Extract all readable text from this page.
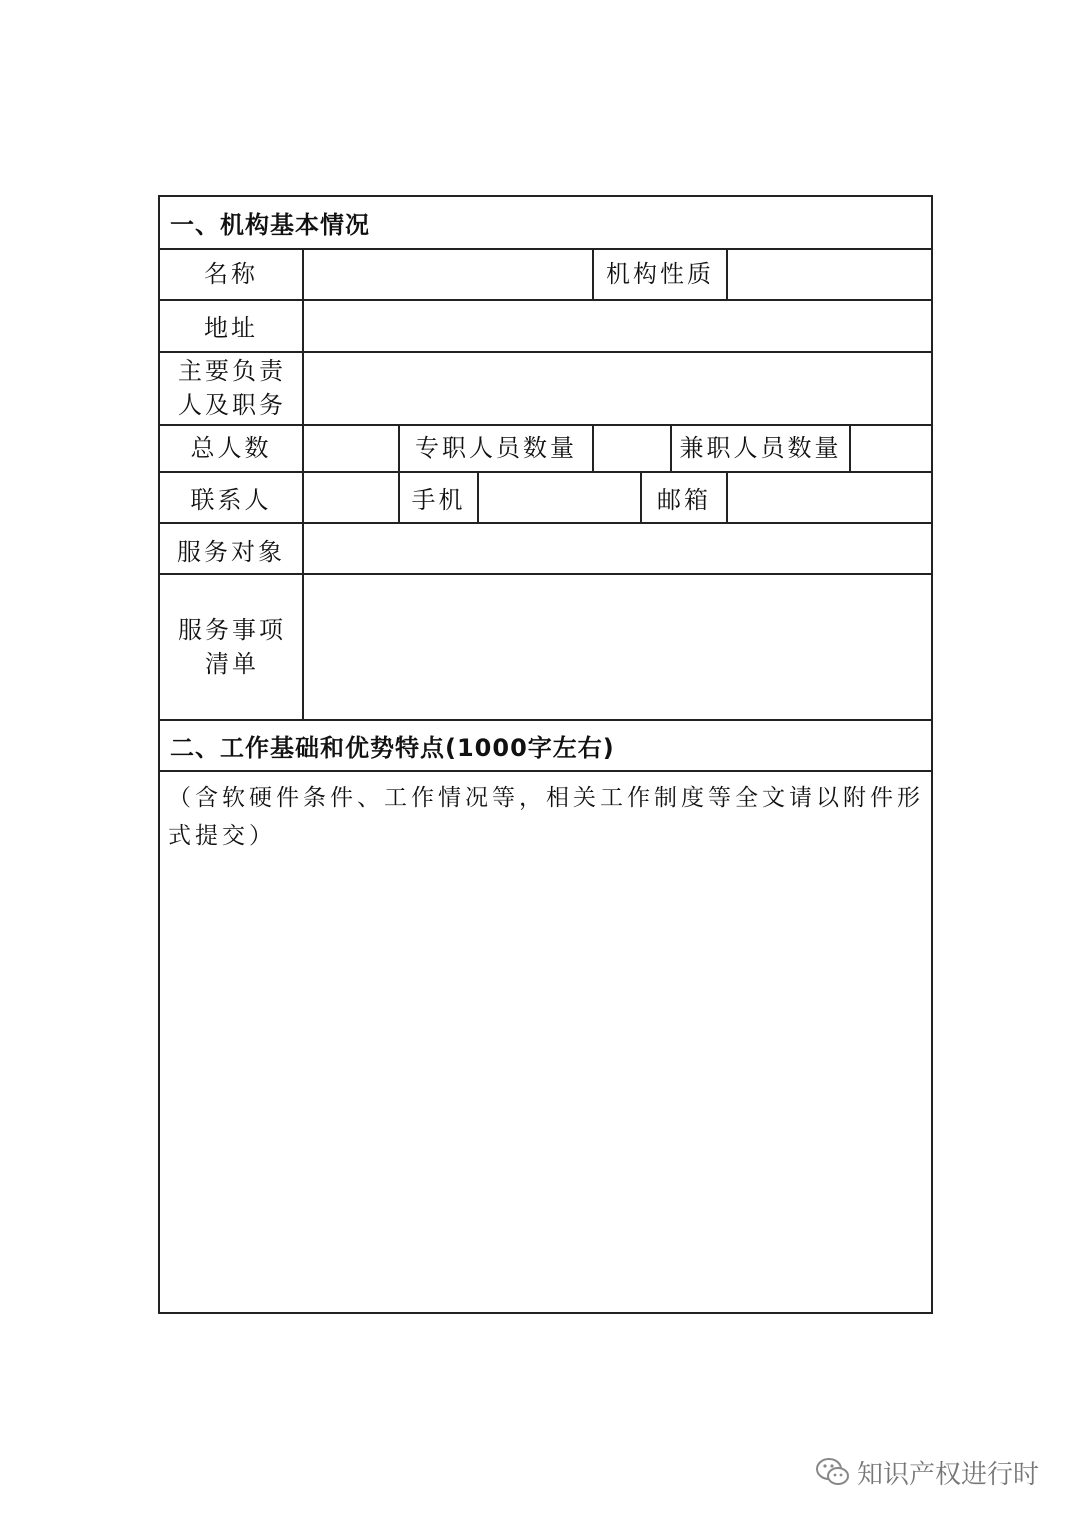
一、机构基本情况
名称	机构性质
地址
主要负责人及职务
总人数	专职人员数量	兼职人员数量
联系人	手机	邮箱
服务对象
服务事项清单
二、工作基础和优势特点(1000字左右)
（含软硬件条件、工作情况等，相关工作制度等全文请以附件形式提交）
知识产权进行时
